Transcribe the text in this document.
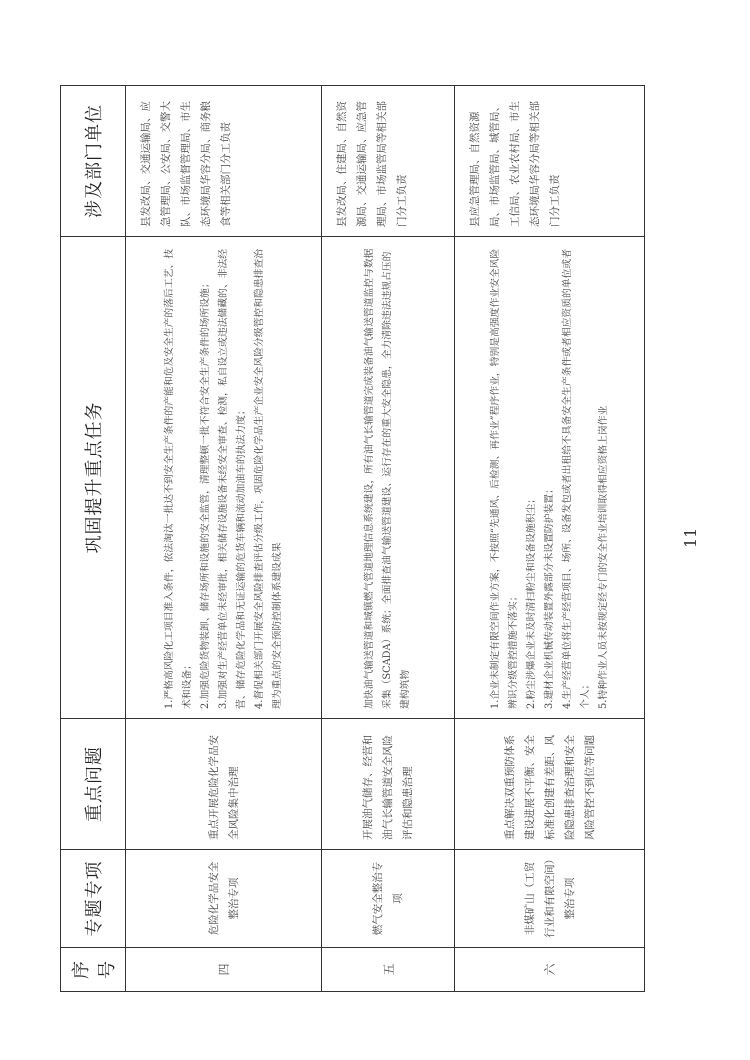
序号	专题专项	重点问题	巩固提升重点任务	涉及部门单位
四	危险化学品安全整治专项	重点开展危险化学品安全风险集中治理	1.严格高风险化工项目准入条件，依法淘汰一批达不到安全生产条件的产能和危及安全生产的落后工艺、技术和设备； 2.加强危险货物装卸、储存场所和设施的安全监管，清理整顿一批不符合安全生产条件的场所设施； 3.加强对生产经营单位未经审批，相关储存设施设备未经安全审查、检测，私自设立或违法储藏的、非法经营、储存危险化学品和无证运输的危货车辆和流动加油车的执法力度； 4.督促相关部门开展安全风险排查评估分级工作，巩固危险化学品生产企业安全风险分级管控和隐患排查治理为重点的安全预防控制体系建设成果	县发改局、交通运输局、应急管理局、公安局、交警大队、市场监督管理局、市生态环境局华容分局、商务粮食等相关部门分工负责
五	燃气安全整治专项	开展油气储存、经营和油气长输管道安全风险评估和隐患治理	加快油气输送管道和城镇燃气管道地理信息系统建设，所有油气长输管道完成装备油气输送管道监控与数据采集（SCADA）系统；全面排查油气输送管道建设、运行存在的重大安全隐患，全力清除违法违规占压的建构筑物	县发改局、住建局、自然资源局、交通运输局、应急管理局、市场监管局等相关部门分工负责
六	非煤矿山（工贸行业和有限空间）整治专项	重点解决双重预防体系建设进展不平衡、安全标准化创建有差距、风险隐患排查治理和安全风险管控不到位等问题	1.企业未制定有限空间作业方案，不按照“先通风、后检测、再作业”程序作业，特别是高强度作业安全风险辨识分级管控措施不落实； 2.粉尘涉爆企业未及时清扫粉尘和设备设施积尘； 3.建材企业机械传动装置外露部分未设置防护装置； 4.生产经营单位将生产经营项目、场所、设备发包或者出租给不具备安全生产条件或者相应资质的单位或者个人； 5.特种作业人员未按规定经专门的安全作业培训取得相应资格上岗作业	县应急管理局、自然资源局、市场监管局、城管局、工信局、农业农村局、市生态环境局华容分局等相关部门分工负责
11
